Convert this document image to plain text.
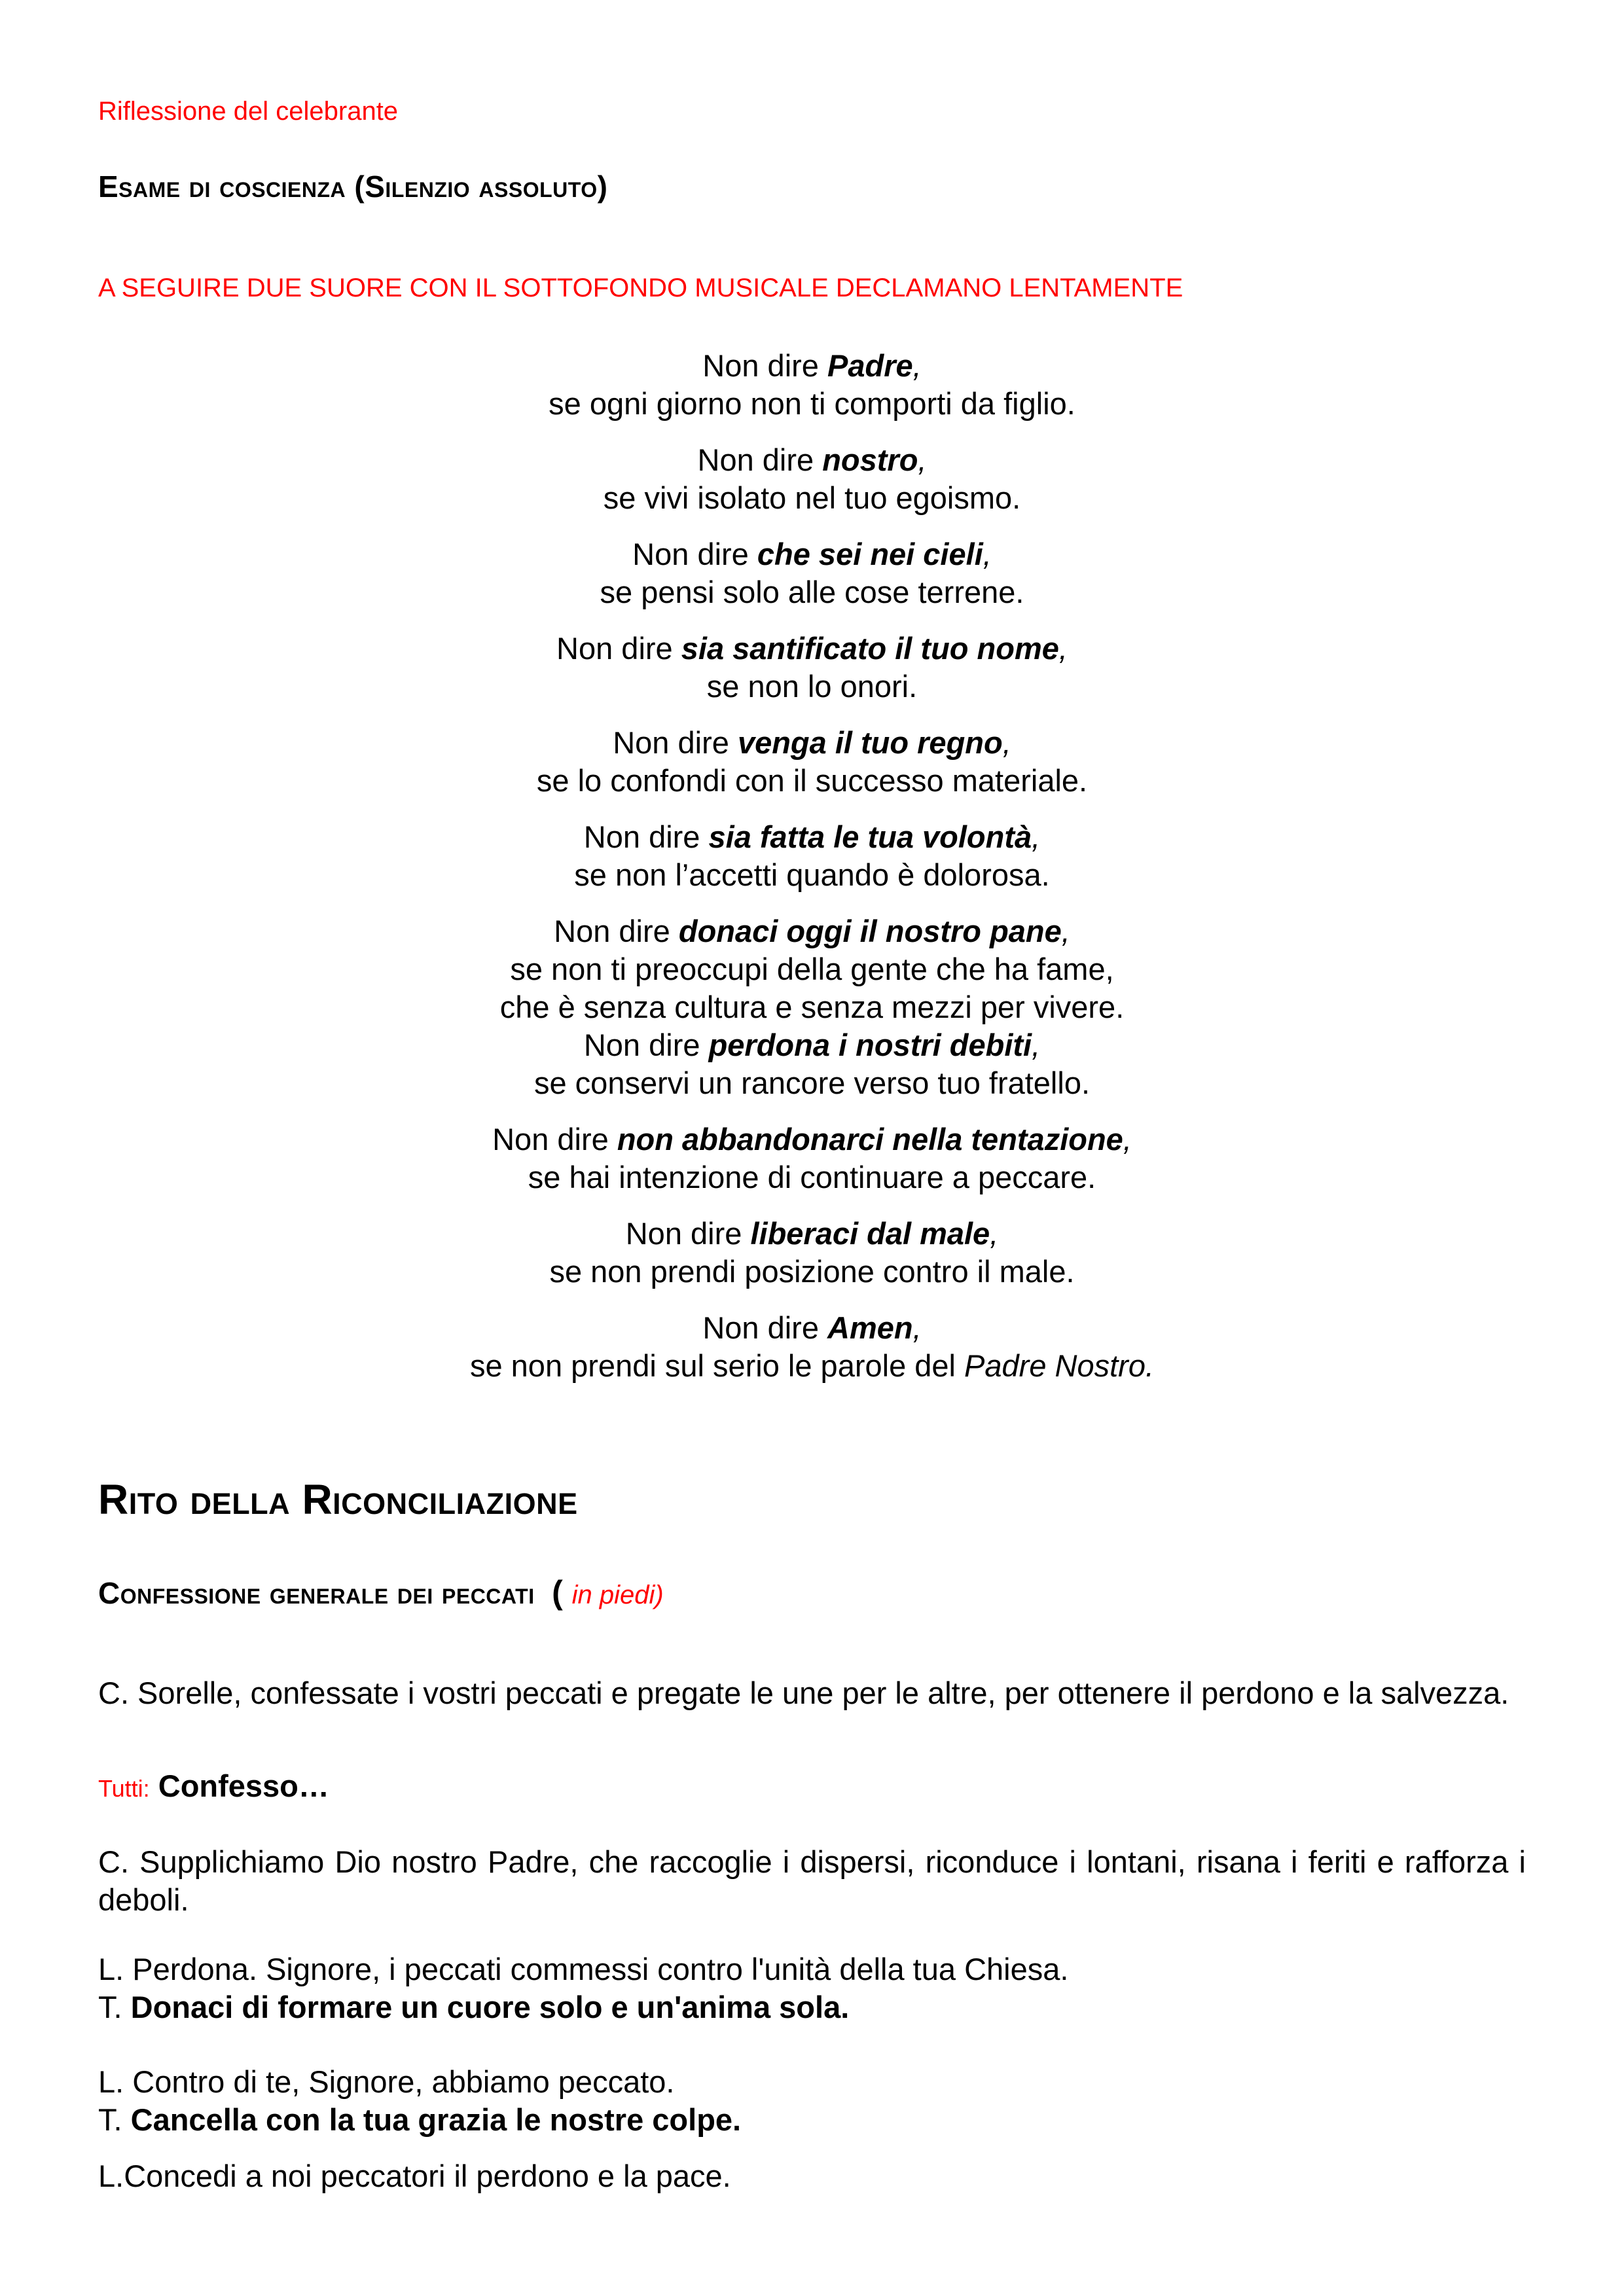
Riflessione del celebrante
Esame di coscienza (Silenzio assoluto)
A SEGUIRE DUE SUORE CON IL SOTTOFONDO MUSICALE DECLAMANO LENTAMENTE
Non dire Padre,
se ogni giorno non ti comporti da figlio.
Non dire nostro,
se vivi isolato nel tuo egoismo.
Non dire che sei nei cieli,
se pensi solo alle cose terrene.
Non dire sia santificato il tuo nome,
se non lo onori.
Non dire venga il tuo regno,
se lo confondi con il successo materiale.
Non dire sia fatta le tua volontà,
se non l’accetti quando è dolorosa.
Non dire donaci oggi il nostro pane,
se non ti preoccupi della gente che ha fame,
che è senza cultura e senza mezzi per vivere.
Non dire perdona i nostri debiti,
se conservi un rancore verso tuo fratello.
Non dire non abbandonarci nella tentazione,
se hai intenzione di continuare a peccare.
Non dire liberaci dal male,
se non prendi posizione contro il male.
Non dire Amen,
se non prendi sul serio le parole del Padre Nostro.
Rito della Riconciliazione
Confessione generale dei peccati ( in piedi)
C. Sorelle, confessate i vostri peccati e pregate le une per le altre, per ottenere il perdono e la salvezza.
Tutti: Confesso…
C. Supplichiamo Dio nostro Padre, che raccoglie i dispersi, riconduce i lontani, risana i feriti e rafforza i deboli.
L. Perdona. Signore, i peccati commessi contro l'unità della tua Chiesa.
T. Donaci di formare un cuore solo e un'anima sola.
L. Contro di te, Signore, abbiamo peccato.
T. Cancella con la tua grazia le nostre colpe.
L.Concedi a noi peccatori il perdono e la pace.
